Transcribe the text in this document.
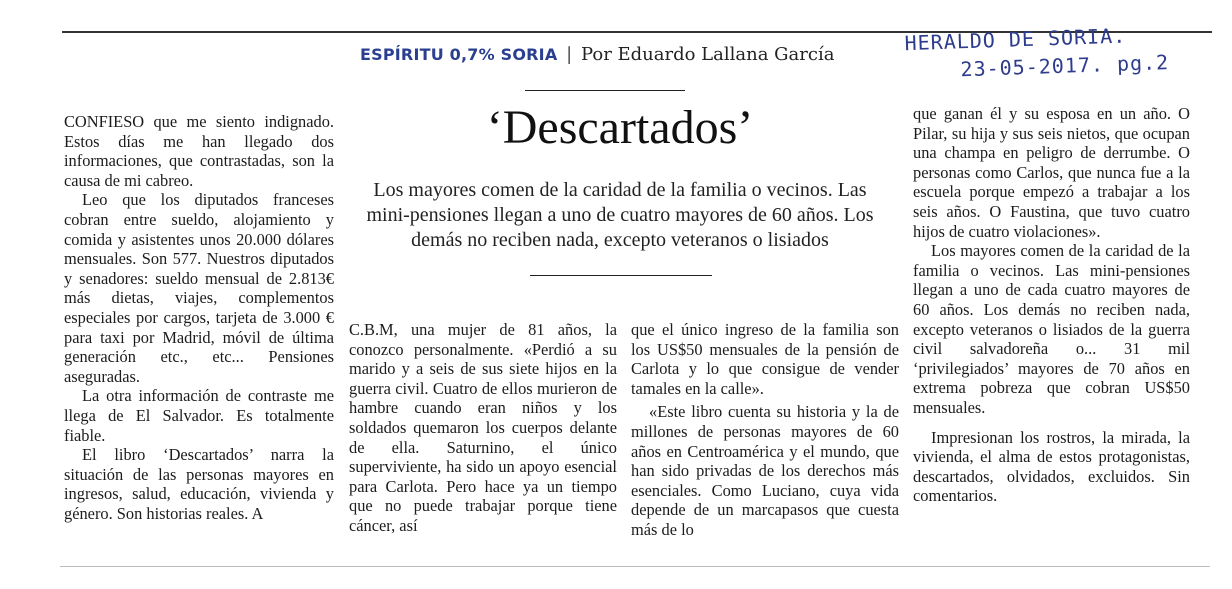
ESPÍRITU 0,7% SORIA | Por Eduardo Lallana García	HERALDO DE SORIA.
23-05-2017. pg.2
‘Descartados’

Los mayores comen de la caridad de la familia o vecinos. Las mini-pensiones llegan a uno de cuatro mayores de 60 años. Los demás no reciben nada, excepto veteranos o lisiados

CONFIESO que me siento indignado. Estos días me han llegado dos informaciones, que contrastadas, son la causa de mi cabreo.

Leo que los diputados franceses cobran entre sueldo, alojamiento y comida y asistentes unos 20.000 dólares mensuales. Son 577. Nuestros diputados y senadores: sueldo mensual de 2.813€ más dietas, viajes, complementos especiales por cargos, tarjeta de 3.000 € para taxi por Madrid, móvil de última generación etc., etc... Pensiones aseguradas.

La otra información de contraste me llega de El Salvador. Es totalmente fiable.

El libro ‘Descartados’ narra la situación de las personas mayores en ingresos, salud, educación, vivienda y género. Son historias reales. A

C.B.M, una mujer de 81 años, la conozco personalmente. «Perdió a su marido y a seis de sus siete hijos en la guerra civil. Cuatro de ellos murieron de hambre cuando eran niños y los soldados quemaron los cuerpos delante de ella. Saturnino, el único superviviente, ha sido un apoyo esencial para Carlota. Pero hace ya un tiempo que no puede trabajar porque tiene cáncer, así

que el único ingreso de la familia son los US$50 mensuales de la pensión de Carlota y lo que consigue de vender tamales en la calle».

«Este libro cuenta su historia y la de millones de personas mayores de 60 años en Centroamérica y el mundo, que han sido privadas de los derechos más esenciales. Como Luciano, cuya vida depende de un marcapasos que cuesta más de lo

que ganan él y su esposa en un año. O Pilar, su hija y sus seis nietos, que ocupan una champa en peligro de derrumbe. O personas como Carlos, que nunca fue a la escuela porque empezó a trabajar a los seis años. O Faustina, que tuvo cuatro hijos de cuatro violaciones».

Los mayores comen de la caridad de la familia o vecinos. Las mini-pensiones llegan a uno de cada cuatro mayores de 60 años. Los demás no reciben nada, excepto veteranos o lisiados de la guerra civil salvadoreña o... 31 mil ‘privilegiados’ mayores de 70 años en extrema pobreza que cobran US$50 mensuales.

Impresionan los rostros, la mirada, la vivienda, el alma de estos protagonistas, descartados, olvidados, excluidos. Sin comentarios.
